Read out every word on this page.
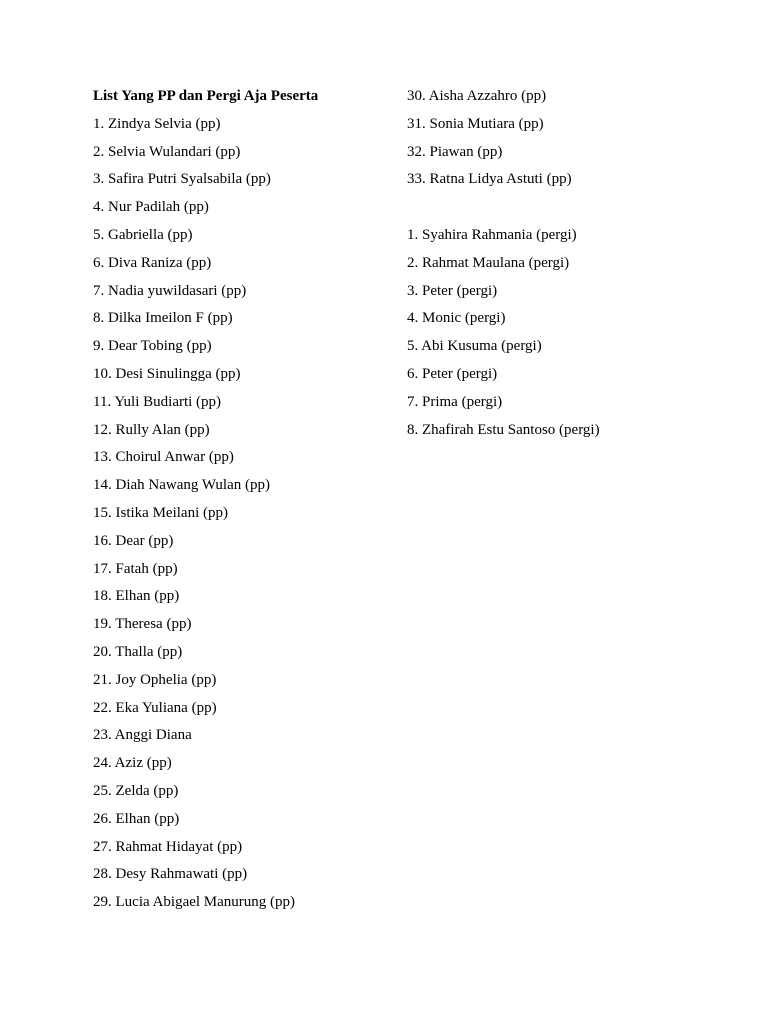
List Yang PP dan Pergi Aja Peserta
1. Zindya Selvia (pp)
2. Selvia Wulandari (pp)
3. Safira Putri Syalsabila (pp)
4. Nur Padilah (pp)
5. Gabriella (pp)
6. Diva Raniza (pp)
7. Nadia yuwildasari (pp)
8. Dilka Imeilon F (pp)
9. Dear Tobing (pp)
10. Desi Sinulingga (pp)
11. Yuli Budiarti (pp)
12. Rully Alan (pp)
13. Choirul Anwar (pp)
14. Diah Nawang Wulan (pp)
15. Istika Meilani (pp)
16. Dear (pp)
17. Fatah (pp)
18. Elhan (pp)
19. Theresa (pp)
20. Thalla (pp)
21. Joy Ophelia (pp)
22. Eka Yuliana (pp)
23. Anggi Diana
24. Aziz (pp)
25. Zelda (pp)
26. Elhan (pp)
27. Rahmat Hidayat (pp)
28. Desy Rahmawati (pp)
29. Lucia Abigael Manurung (pp)
30. Aisha Azzahro (pp)
31. Sonia Mutiara (pp)
32. Piawan (pp)
33. Ratna Lidya Astuti (pp)
1. Syahira Rahmania (pergi)
2. Rahmat Maulana (pergi)
3. Peter (pergi)
4. Monic (pergi)
5. Abi Kusuma (pergi)
6. Peter (pergi)
7. Prima (pergi)
8. Zhafirah Estu Santoso (pergi)
